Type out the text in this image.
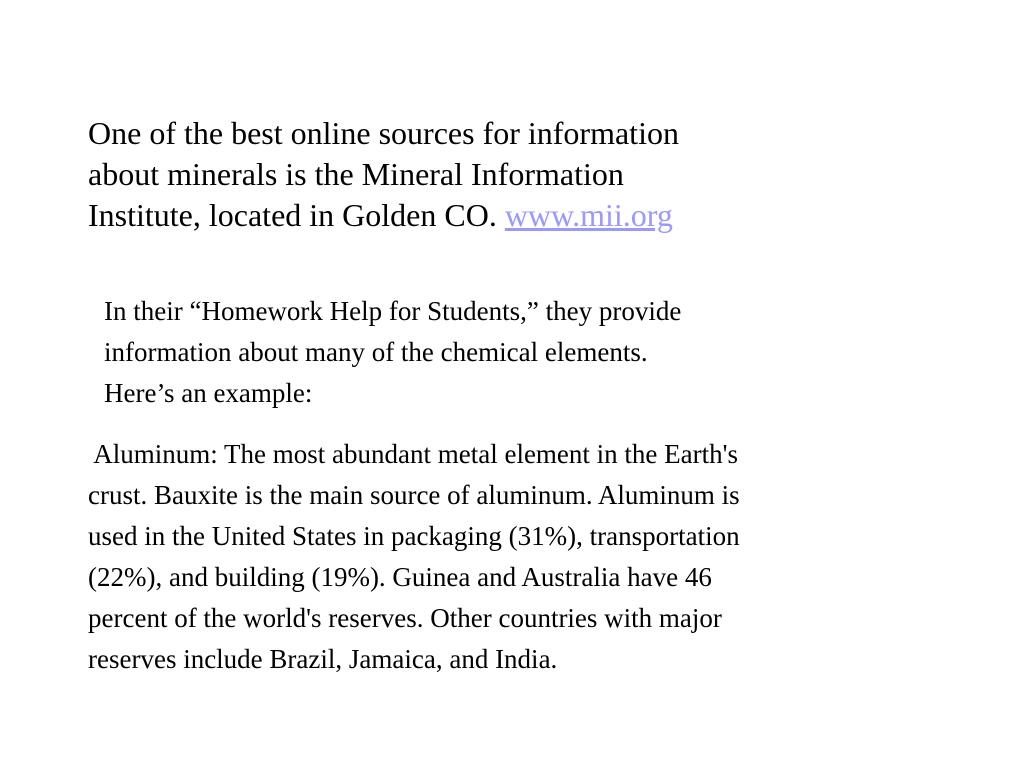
One of the best online sources for information
about minerals is the Mineral Information
Institute, located in Golden CO. www.mii.org
In their “Homework Help for Students,” they provide
information about many of the chemical elements.
Here’s an example:
Aluminum: The most abundant metal element in the Earth's
crust. Bauxite is the main source of aluminum. Aluminum is
used in the United States in packaging (31%), transportation
(22%), and building (19%). Guinea and Australia have 46
percent of the world's reserves. Other countries with major
reserves include Brazil, Jamaica, and India.
